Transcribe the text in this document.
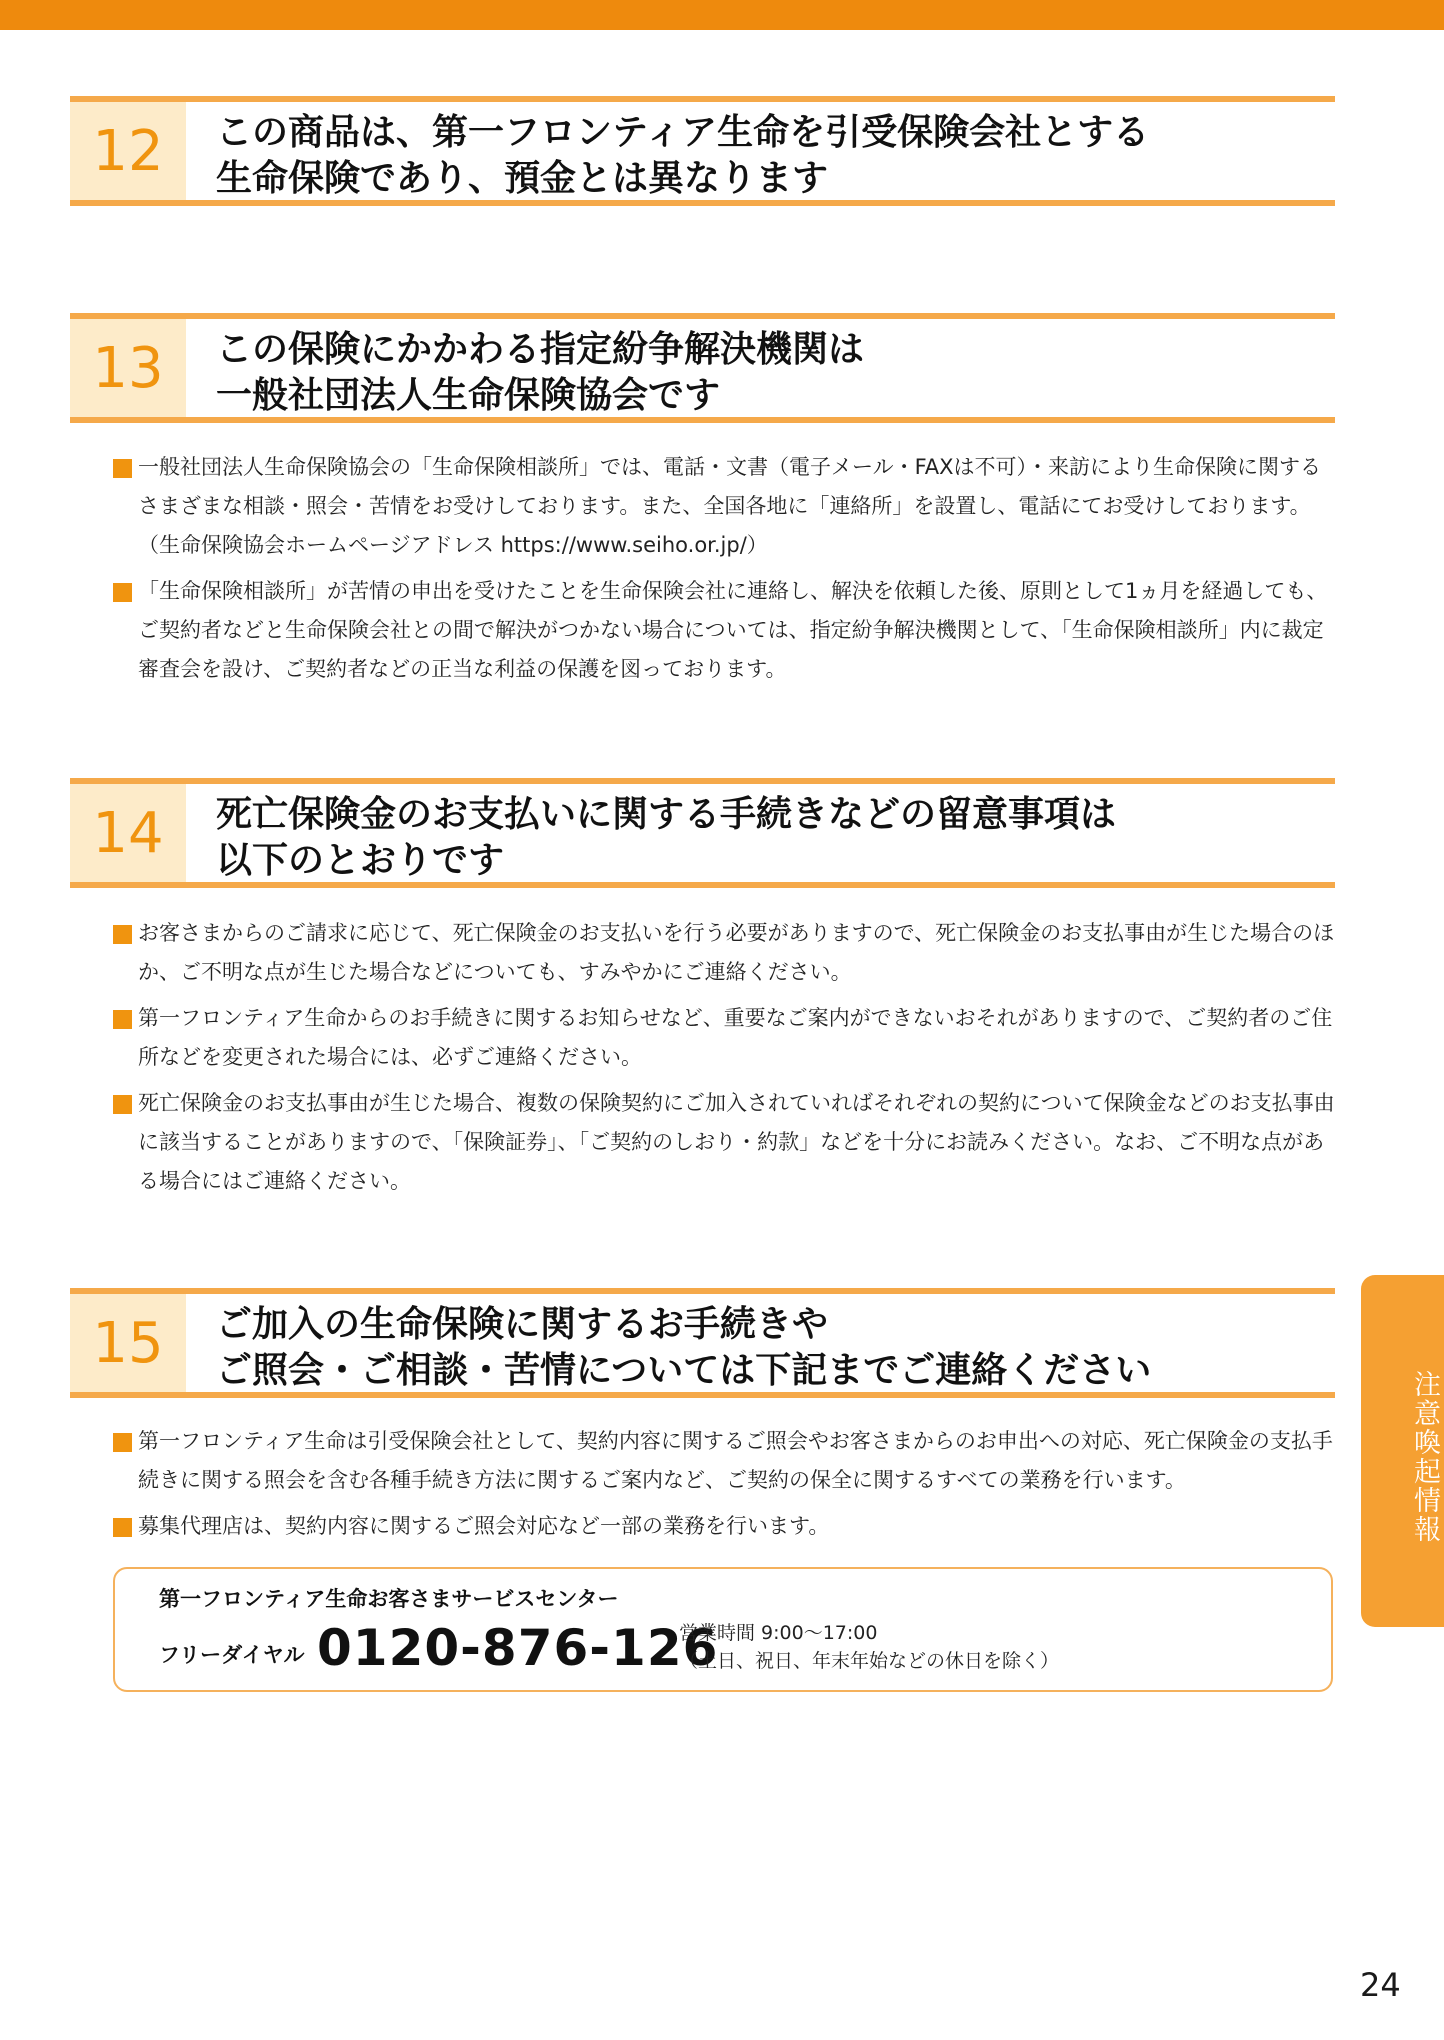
12	この商品は、第一フロンティア生命を引受保険会社とする
生命保険であり、預金とは異なります
13	この保険にかかわる指定紛争解決機関は
一般社団法人生命保険協会です
一般社団法人生命保険協会の「生命保険相談所」では、電話・文書（電子メール・FAXは不可）・来訪により生命保険に関するさまざまな相談・照会・苦情をお受けしております。また、全国各地に「連絡所」を設置し、電話にてお受けしております。（生命保険協会ホームページアドレス https://www.seiho.or.jp/）
「生命保険相談所」が苦情の申出を受けたことを生命保険会社に連絡し、解決を依頼した後、原則として1ヵ月を経過しても、ご契約者などと生命保険会社との間で解決がつかない場合については、指定紛争解決機関として、「生命保険相談所」内に裁定審査会を設け、ご契約者などの正当な利益の保護を図っております。
14	死亡保険金のお支払いに関する手続きなどの留意事項は
以下のとおりです
お客さまからのご請求に応じて、死亡保険金のお支払いを行う必要がありますので、死亡保険金のお支払事由が生じた場合のほか、ご不明な点が生じた場合などについても、すみやかにご連絡ください。
第一フロンティア生命からのお手続きに関するお知らせなど、重要なご案内ができないおそれがありますので、ご契約者のご住所などを変更された場合には、必ずご連絡ください。
死亡保険金のお支払事由が生じた場合、複数の保険契約にご加入されていればそれぞれの契約について保険金などのお支払事由に該当することがありますので、「保険証券」、「ご契約のしおり・約款」などを十分にお読みください。なお、ご不明な点がある場合にはご連絡ください。
15	ご加入の生命保険に関するお手続きや
ご照会・ご相談・苦情については下記までご連絡ください
第一フロンティア生命は引受保険会社として、契約内容に関するご照会やお客さまからのお申出への対応、死亡保険金の支払手続きに関する照会を含む各種手続き方法に関するご案内など、ご契約の保全に関するすべての業務を行います。
募集代理店は、契約内容に関するご照会対応など一部の業務を行います。
第一フロンティア生命お客さまサービスセンター
フリーダイヤル 0120-876-126
営業時間 9:00〜17:00
（土日、祝日、年末年始などの休日を除く）
注意喚起情報
24
